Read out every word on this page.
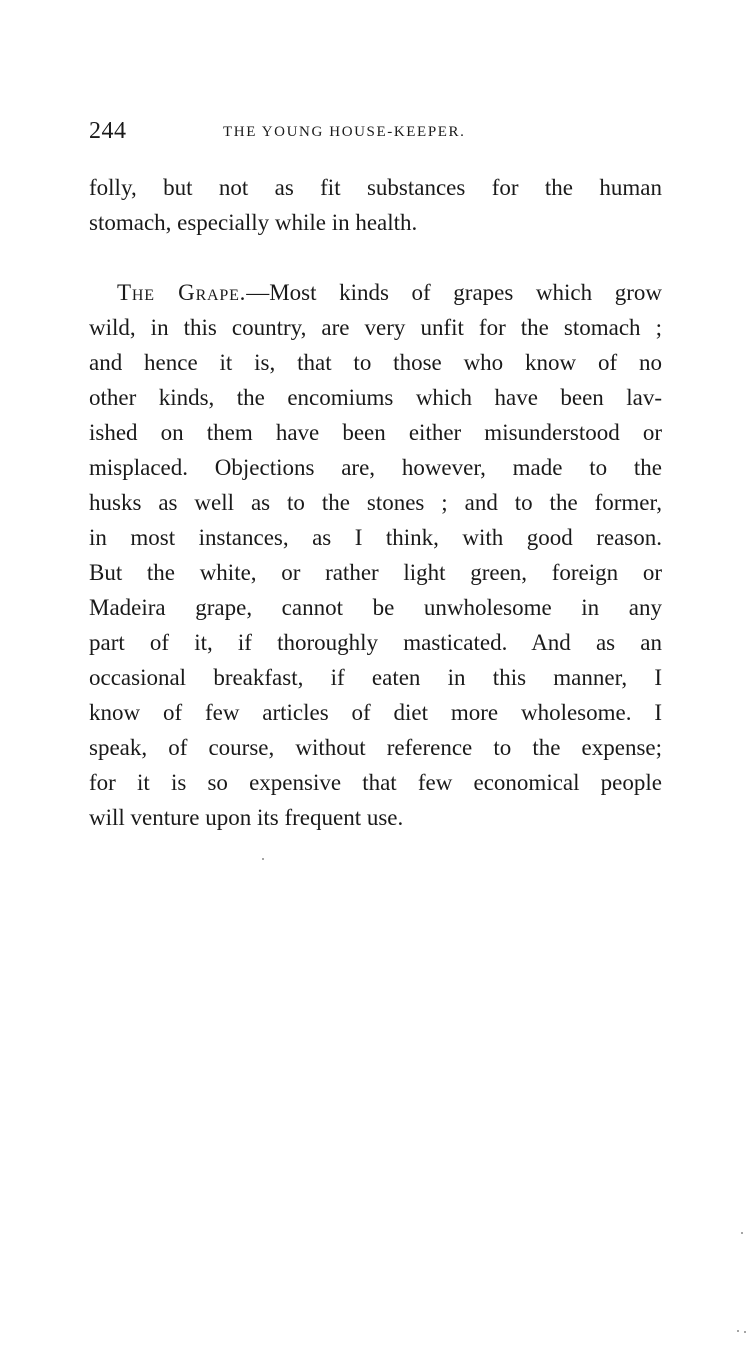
244	THE YOUNG HOUSE-KEEPER.

folly, but not as fit substances for the human
stomach, especially while in health.

The Grape.—Most kinds of grapes which grow
wild, in this country, are very unfit for the stomach ;
and hence it is, that to those who know of no
other kinds, the encomiums which have been lav-
ished on them have been either misunderstood or
misplaced. Objections are, however, made to the
husks as well as to the stones ; and to the former,
in most instances, as I think, with good reason.
But the white, or rather light green, foreign or
Madeira grape, cannot be unwholesome in any
part of it, if thoroughly masticated. And as an
occasional breakfast, if eaten in this manner, I
know of few articles of diet more wholesome. I
speak, of course, without reference to the expense;
for it is so expensive that few economical people
will venture upon its frequent use.
